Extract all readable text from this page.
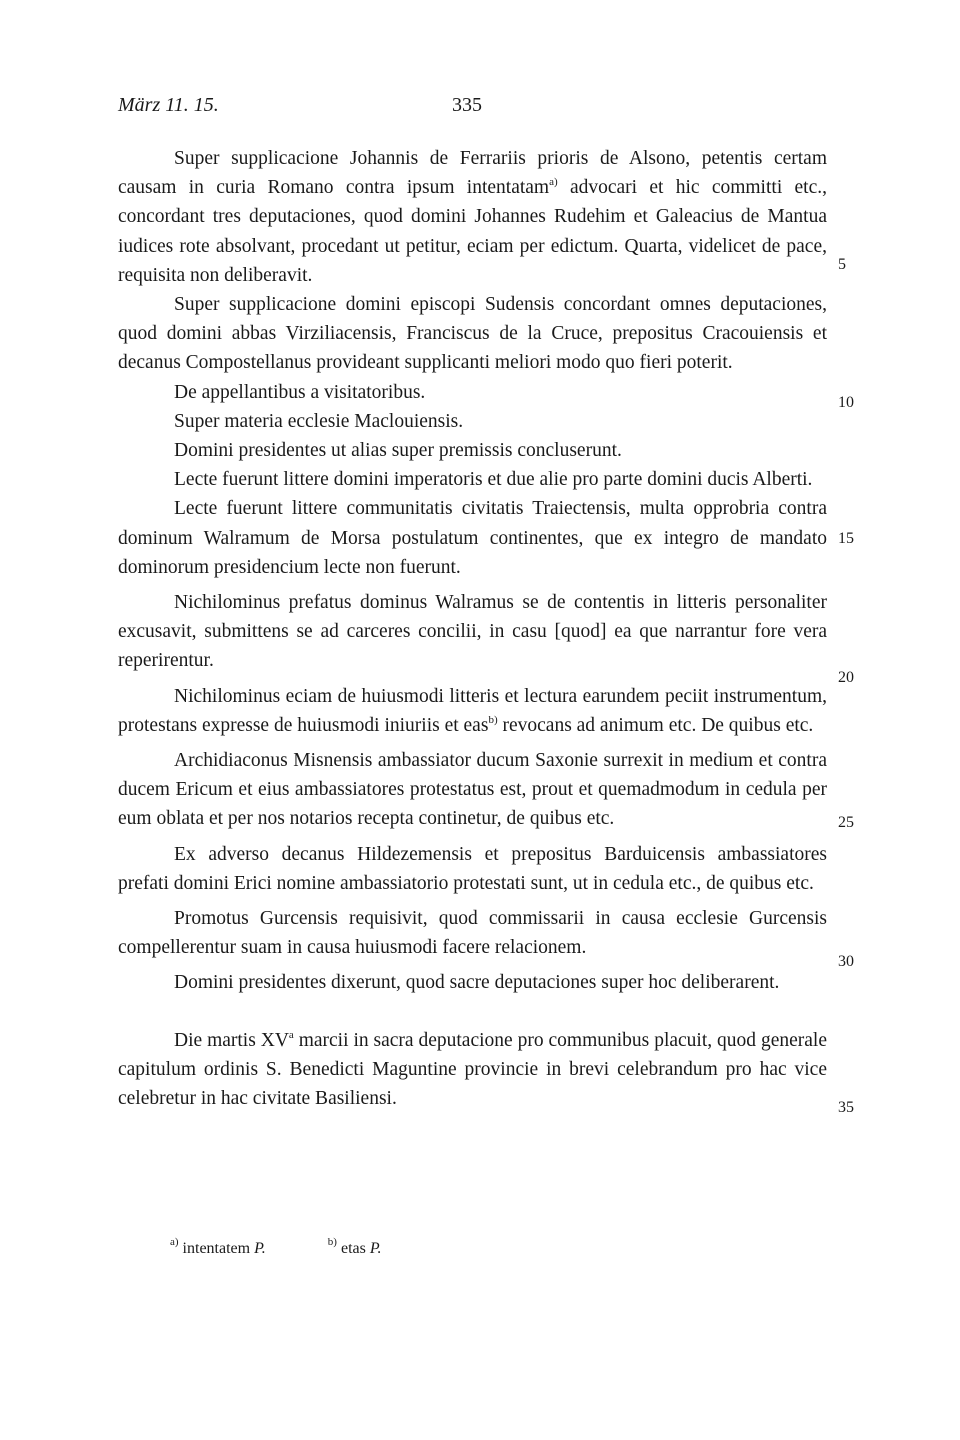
März 11. 15.	335

Super supplicacione Johannis de Ferrariis prioris de Alsono, petentis certam causam in curia Romano contra ipsum intentatam$^{a)}$ advocari et hic committi etc., concordant tres deputaciones, quod domini Johannes Rudehim et Galeacius de Mantua iudices rote absolvant, procedant ut petitur, eciam per edictum. Quarta, videlicet de pace, requisita non deliberavit.

Super supplicacione domini episcopi Sudensis concordant omnes deputaciones, quod domini abbas Virziliacensis, Franciscus de la Cruce, prepositus Cracouiensis et decanus Compostellanus provideant supplicanti meliori modo quo fieri poterit.

De appellantibus a visitatoribus.

Super materia ecclesie Maclouiensis.

Domini presidentes ut alias super premissis concluserunt.

Lecte fuerunt littere domini imperatoris et due alie pro parte domini ducis Alberti.

Lecte fuerunt littere communitatis civitatis Traiectensis, multa opprobria contra dominum Walramum de Morsa postulatum continentes, que ex integro de mandato dominorum presidencium lecte non fuerunt.

Nichilominus prefatus dominus Walramus se de contentis in litteris personaliter excusavit, submittens se ad carceres concilii, in casu [quod] ea que narrantur fore vera reperirentur.

Nichilominus eciam de huiusmodi litteris et lectura earundem peciit instrumentum, protestans expresse de huiusmodi iniuriis et eas$^{b)}$ revocans ad animum etc. De quibus etc.

Archidiaconus Misnensis ambassiator ducum Saxonie surrexit in medium et contra ducem Ericum et eius ambassiatores protestatus est, prout et quemadmodum in cedula per eum oblata et per nos notarios recepta continetur, de quibus etc.

Ex adverso decanus Hildezemensis et prepositus Barduicensis ambassiatores prefati domini Erici nomine ambassiatorio protestati sunt, ut in cedula etc., de quibus etc.

Promotus Gurcensis requisivit, quod commissarii in causa ecclesie Gurcensis compellerentur suam in causa huiusmodi facere relacionem.

Domini presidentes dixerunt, quod sacre deputaciones super hoc deliberarent.

Die martis $XV^a$ marcii in sacra deputacione pro communibus placuit, quod generale capitulum ordinis S. Benedicti Maguntine provincie in brevi celebrandum pro hac vice celebretur in hac civitate Basiliensi.

5
10
15
20
25
30
35
$^{a)}$ intentatem P.	$^{b)}$ etas P.
